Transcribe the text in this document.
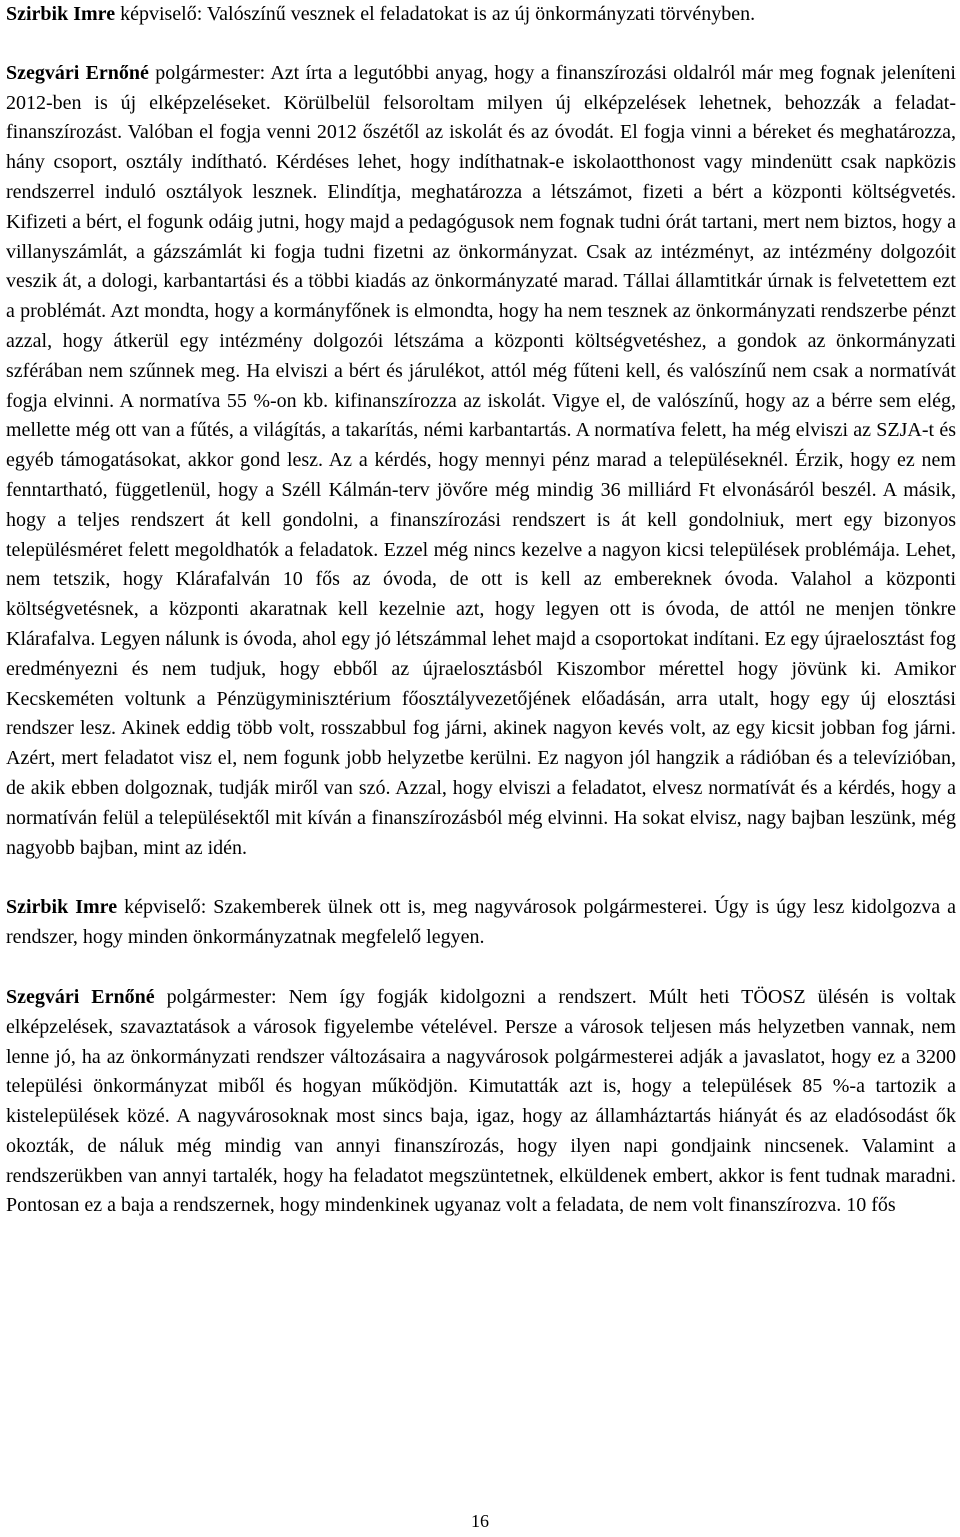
Szirbik Imre képviselő: Valószínű vesznek el feladatokat is az új önkormányzati törvényben.

Szegvári Ernőné polgármester: Azt írta a legutóbbi anyag, hogy a finanszírozási oldalról már meg fognak jeleníteni 2012-ben is új elképzeléseket. Körülbelül felsoroltam milyen új elképzelések lehetnek, behozzák a feladat-finanszírozást. Valóban el fogja venni 2012 őszétől az iskolát és az óvodát. El fogja vinni a béreket és meghatározza, hány csoport, osztály indítható. Kérdéses lehet, hogy indíthatnak-e iskolaotthonost vagy mindenütt csak napközis rendszerrel induló osztályok lesznek. Elindítja, meghatározza a létszámot, fizeti a bért a központi költségvetés. Kifizeti a bért, el fogunk odáig jutni, hogy majd a pedagógusok nem fognak tudni órát tartani, mert nem biztos, hogy a villanyszámlát, a gázszámlát ki fogja tudni fizetni az önkormányzat. Csak az intézményt, az intézmény dolgozóit veszik át, a dologi, karbantartási és a többi kiadás az önkormányzaté marad. Tállai államtitkár úrnak is felvetettem ezt a problémát. Azt mondta, hogy a kormányfőnek is elmondta, hogy ha nem tesznek az önkormányzati rendszerbe pénzt azzal, hogy átkerül egy intézmény dolgozói létszáma a központi költségvetéshez, a gondok az önkormányzati szférában nem szűnnek meg. Ha elviszi a bért és járulékot, attól még fűteni kell, és valószínű nem csak a normatívát fogja elvinni. A normatíva 55 %-on kb. kifinanszírozza az iskolát. Vigye el, de valószínű, hogy az a bérre sem elég, mellette még ott van a fűtés, a világítás, a takarítás, némi karbantartás. A normatíva felett, ha még elviszi az SZJA-t és egyéb támogatásokat, akkor gond lesz. Az a kérdés, hogy mennyi pénz marad a településeknél. Érzik, hogy ez nem fenntartható, függetlenül, hogy a Széll Kálmán-terv jövőre még mindig 36 milliárd Ft elvonásáról beszél. A másik, hogy a teljes rendszert át kell gondolni, a finanszírozási rendszert is át kell gondolniuk, mert egy bizonyos településméret felett megoldhatók a feladatok. Ezzel még nincs kezelve a nagyon kicsi települések problémája. Lehet, nem tetszik, hogy Klárafalván 10 fős az óvoda, de ott is kell az embereknek óvoda. Valahol a központi költségvetésnek, a központi akaratnak kell kezelnie azt, hogy legyen ott is óvoda, de attól ne menjen tönkre Klárafalva. Legyen nálunk is óvoda, ahol egy jó létszámmal lehet majd a csoportokat indítani. Ez egy újraelosztást fog eredményezni és nem tudjuk, hogy ebből az újraelosztásból Kiszombor mérettel hogy jövünk ki. Amikor Kecskeméten voltunk a Pénzügyminisztérium főosztályvezetőjének előadásán, arra utalt, hogy egy új elosztási rendszer lesz. Akinek eddig több volt, rosszabbul fog járni, akinek nagyon kevés volt, az egy kicsit jobban fog járni. Azért, mert feladatot visz el, nem fogunk jobb helyzetbe kerülni. Ez nagyon jól hangzik a rádióban és a televízióban, de akik ebben dolgoznak, tudják miről van szó. Azzal, hogy elviszi a feladatot, elvesz normatívát és a kérdés, hogy a normatíván felül a településektől mit kíván a finanszírozásból még elvinni. Ha sokat elvisz, nagy bajban leszünk, még nagyobb bajban, mint az idén.

Szirbik Imre képviselő: Szakemberek ülnek ott is, meg nagyvárosok polgármesterei. Úgy is úgy lesz kidolgozva a rendszer, hogy minden önkormányzatnak megfelelő legyen.

Szegvári Ernőné polgármester: Nem így fogják kidolgozni a rendszert. Múlt heti TÖOSZ ülésén is voltak elképzelések, szavaztatások a városok figyelembe vételével. Persze a városok teljesen más helyzetben vannak, nem lenne jó, ha az önkormányzati rendszer változásaira a nagyvárosok polgármesterei adják a javaslatot, hogy ez a 3200 települési önkormányzat miből és hogyan működjön. Kimutatták azt is, hogy a települések 85 %-a tartozik a kistelepülések közé. A nagyvárosoknak most sincs baja, igaz, hogy az államháztartás hiányát és az eladósodást ők okozták, de náluk még mindig van annyi finanszírozás, hogy ilyen napi gondjaink nincsenek. Valamint a rendszerükben van annyi tartalék, hogy ha feladatot megszüntetnek, elküldenek embert, akkor is fent tudnak maradni. Pontosan ez a baja a rendszernek, hogy mindenkinek ugyanaz volt a feladata, de nem volt finanszírozva. 10 fős

16
